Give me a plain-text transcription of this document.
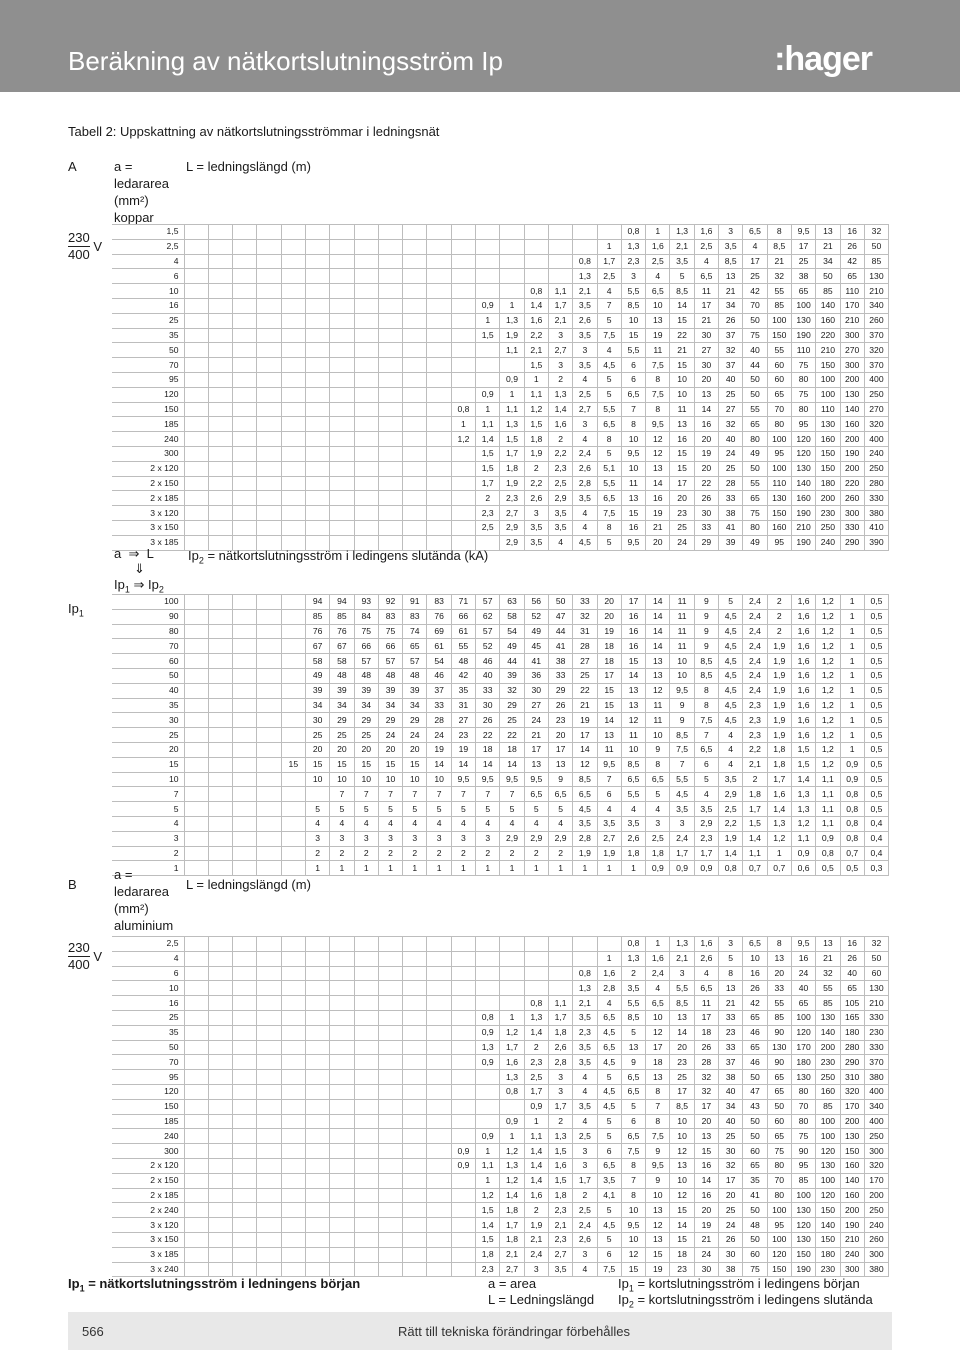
Beräkning av nätkortslutningsström Ip	:hager
Tabell 2: Uppskattning av nätkortslutningsströmmar i ledningsnät
A	a =
ledararea
(mm²)
koppar
L = ledningslängd (m)
$\frac{230}{400}$ V
1,5																			0,8	1	1,3	1,6	3	6,5	8	9,5	13	16	32
2,5																		1	1,3	1,6	2,1	2,5	3,5	4	8,5	17	21	26	50
4																	0,8	1,7	2,3	2,5	3,5	4	8,5	17	21	25	34	42	85
6																	1,3	2,5	3	4	5	6,5	13	25	32	38	50	65	130
10															0,8	1,1	2,1	4	5,5	6,5	8,5	11	21	42	55	65	85	110	210
16													0,9	1	1,4	1,7	3,5	7	8,5	10	14	17	34	70	85	100	140	170	340
25													1	1,3	1,6	2,1	2,6	5	10	13	15	21	26	50	100	130	160	210	260
35													1,5	1,9	2,2	3	3,5	7,5	15	19	22	30	37	75	150	190	220	300	370
50														1,1	2,1	2,7	3	4	5,5	11	21	27	32	40	55	110	210	270	320
70															1,5	3	3,5	4,5	6	7,5	15	30	37	44	60	75	150	300	370
95														0,9	1	2	4	5	6	8	10	20	40	50	60	80	100	200	400
120													0,9	1	1,1	1,3	2,5	5	6,5	7,5	10	13	25	50	65	75	100	130	250
150												0,8	1	1,1	1,2	1,4	2,7	5,5	7	8	11	14	27	55	70	80	110	140	270
185												1	1,1	1,3	1,5	1,6	3	6,5	8	9,5	13	16	32	65	80	95	130	160	320
240												1,2	1,4	1,5	1,8	2	4	8	10	12	16	20	40	80	100	120	160	200	400
300													1,5	1,7	1,9	2,2	2,4	5	9,5	12	15	19	24	49	95	120	150	190	240
2 x 120													1,5	1,8	2	2,3	2,6	5,1	10	13	15	20	25	50	100	130	150	200	250
2 x 150													1,7	1,9	2,2	2,5	2,8	5,5	11	14	17	22	28	55	110	140	180	220	280
2 x 185													2	2,3	2,6	2,9	3,5	6,5	13	16	20	26	33	65	130	160	200	260	330
3 x 120													2,3	2,7	3	3,5	4	7,5	15	19	23	30	38	75	150	190	230	300	380
3 x 150													2,5	2,9	3,5	3,5	4	8	16	21	25	33	41	80	160	210	250	330	410
3 x 185														2,9	3,5	4	4,5	5	9,5	20	24	29	39	49	95	190	240	290	390
a ⇒ L	$Ip_2$ = nätkortslutningsström i ledingens slutända (kA)
⇓
$Ip_1$ ⇒ $Ip_2$
$Ip_1$
100						94	94	93	92	91	83	71	57	63	56	50	33	20	17	14	11	9	5	2,4	2	1,6	1,2	1	0,5
90						85	85	84	83	83	76	66	62	58	52	47	32	20	16	14	11	9	4,5	2,4	2	1,6	1,2	1	0,5
80						76	76	75	75	74	69	61	57	54	49	44	31	19	16	14	11	9	4,5	2,4	2	1,6	1,2	1	0,5
70						67	67	66	66	65	61	55	52	49	45	41	28	18	16	14	11	9	4,5	2,4	1,9	1,6	1,2	1	0,5
60						58	58	57	57	57	54	48	46	44	41	38	27	18	15	13	10	8,5	4,5	2,4	1,9	1,6	1,2	1	0,5
50						49	48	48	48	48	46	42	40	39	36	33	25	17	14	13	10	8,5	4,5	2,4	1,9	1,6	1,2	1	0,5
40						39	39	39	39	39	37	35	33	32	30	29	22	15	13	12	9,5	8	4,5	2,4	1,9	1,6	1,2	1	0,5
35						34	34	34	34	34	33	31	30	29	27	26	21	15	13	11	9	8	4,5	2,3	1,9	1,6	1,2	1	0,5
30						30	29	29	29	29	28	27	26	25	24	23	19	14	12	11	9	7,5	4,5	2,3	1,9	1,6	1,2	1	0,5
25						25	25	25	24	24	24	23	22	22	21	20	17	13	11	10	8,5	7	4	2,3	1,9	1,6	1,2	1	0,5
20						20	20	20	20	20	19	19	18	18	17	17	14	11	10	9	7,5	6,5	4	2,2	1,8	1,5	1,2	1	0,5
15					15	15	15	15	15	15	14	14	14	14	13	13	12	9,5	8,5	8	7	6	4	2,1	1,8	1,5	1,2	0,9	0,5
10						10	10	10	10	10	10	9,5	9,5	9,5	9,5	9	8,5	7	6,5	6,5	5,5	5	3,5	2	1,7	1,4	1,1	0,9	0,5
7							7	7	7	7	7	7	7	7	6,5	6,5	6,5	6	5,5	5	4,5	4	2,9	1,8	1,6	1,3	1,1	0,8	0,5
5						5	5	5	5	5	5	5	5	5	5	5	4,5	4	4	4	3,5	3,5	2,5	1,7	1,4	1,3	1,1	0,8	0,5
4						4	4	4	4	4	4	4	4	4	4	4	3,5	3,5	3,5	3	3	2,9	2,2	1,5	1,3	1,2	1,1	0,8	0,4
3						3	3	3	3	3	3	3	3	2,9	2,9	2,9	2,8	2,7	2,6	2,5	2,4	2,3	1,9	1,4	1,2	1,1	0,9	0,8	0,4
2						2	2	2	2	2	2	2	2	2	2	2	1,9	1,9	1,8	1,8	1,7	1,7	1,4	1,1	1	0,9	0,8	0,7	0,4
1						1	1	1	1	1	1	1	1	1	1	1	1	1	1	0,9	0,9	0,9	0,8	0,7	0,7	0,6	0,5	0,5	0,3
B
a =
ledararea
(mm²)
aluminium
L = ledningslängd (m)
$\frac{230}{400}$ V
2,5																			0,8	1	1,3	1,6	3	6,5	8	9,5	13	16	32
4																		1	1,3	1,6	2,1	2,6	5	10	13	16	21	26	50
6																	0,8	1,6	2	2,4	3	4	8	16	20	24	32	40	60
10																	1,3	2,8	3,5	4	5,5	6,5	13	26	33	40	55	65	130
16															0,8	1,1	2,1	4	5,5	6,5	8,5	11	21	42	55	65	85	105	210
25													0,8	1	1,3	1,7	3,5	6,5	8,5	10	13	17	33	65	85	100	130	165	330
35													0,9	1,2	1,4	1,8	2,3	4,5	5	12	14	18	23	46	90	120	140	180	230
50													1,3	1,7	2	2,6	3,5	6,5	13	17	20	26	33	65	130	170	200	280	330
70													0,9	1,6	2,3	2,8	3,5	4,5	9	18	23	28	37	46	90	180	230	290	370
95														1,3	2,5	3	4	5	6,5	13	25	32	38	50	65	130	250	310	380
120														0,8	1,7	3	4	4,5	6,5	8	17	32	40	47	65	80	160	320	400
150															0,9	1,7	3,5	4,5	5	7	8,5	17	34	43	50	70	85	170	340
185														0,9	1	2	4	5	6	8	10	20	40	50	60	80	100	200	400
240													0,9	1	1,1	1,3	2,5	5	6,5	7,5	10	13	25	50	65	75	100	130	250
300												0,9	1	1,2	1,4	1,5	3	6	7,5	9	12	15	30	60	75	90	120	150	300
2 x 120												0,9	1,1	1,3	1,4	1,6	3	6,5	8	9,5	13	16	32	65	80	95	130	160	320
2 x 150													1	1,2	1,4	1,5	1,7	3,5	7	9	10	14	17	35	70	85	100	140	170
2 x 185													1,2	1,4	1,6	1,8	2	4,1	8	10	12	16	20	41	80	100	120	160	200
2 x 240													1,5	1,8	2	2,3	2,5	5	10	13	15	20	25	50	100	130	150	200	250
3 x 120													1,4	1,7	1,9	2,1	2,4	4,5	9,5	12	14	19	24	48	95	120	140	190	240
3 x 150													1,5	1,8	2,1	2,3	2,6	5	10	13	15	21	26	50	100	130	150	210	260
3 x 185													1,8	2,1	2,4	2,7	3	6	12	15	18	24	30	60	120	150	180	240	300
3 x 240													2,3	2,7	3	3,5	4	7,5	15	19	23	30	38	75	150	190	230	300	380
$Ip_1$ = nätkortslutningsström i ledningens början	a = area
L = Ledningslängd
$Ip_1$ = kortslutningsström i ledingens början
$Ip_2$ = kortslutningsström i ledingens slutända
566	Rätt till tekniska förändringar förbehålles
